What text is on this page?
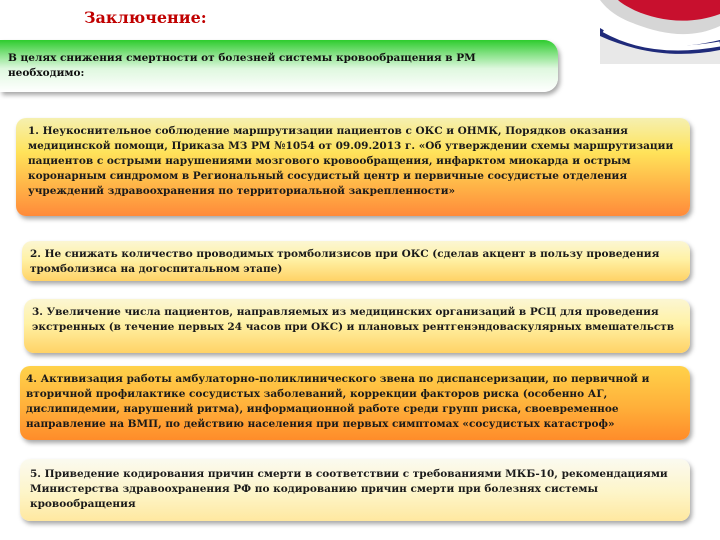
Заключение:

В целях снижения смертности от болезней системы кровообращения в РМ необходимо:

1. Неукоснительное соблюдение маршрутизации пациентов с ОКС и ОНМК, Порядков оказания медицинской помощи, Приказа МЗ РМ №1054 от 09.09.2013 г. «Об утверждении схемы маршрутизации пациентов с острыми нарушениями мозгового кровообращения, инфарктом миокарда и острым коронарным синдромом в Региональный сосудистый центр и первичные сосудистые отделения учреждений здравоохранения по территориальной закрепленности»

2. Не снижать количество проводимых тромболизисов при ОКС (сделав акцент в пользу проведения тромболизиса на догоспитальном этапе)

3. Увеличение числа пациентов, направляемых из медицинских организаций в РСЦ для проведения экстренных (в течение первых 24 часов при ОКС) и плановых рентгенэндоваскулярных вмешательств

4. Активизация работы амбулаторно-поликлинического звена по диспансеризации, по первичной и вторичной профилактике сосудистых заболеваний, коррекции факторов риска (особенно АГ, дислипидемии, нарушений ритма), информационной работе среди групп риска, своевременное направление на ВМП, по действию населения при первых симптомах «сосудистых катастроф»

5. Приведение кодирования причин смерти в соответствии с требованиями МКБ-10, рекомендациями Министерства здравоохранения РФ по кодированию причин смерти при болезнях системы кровообращения
